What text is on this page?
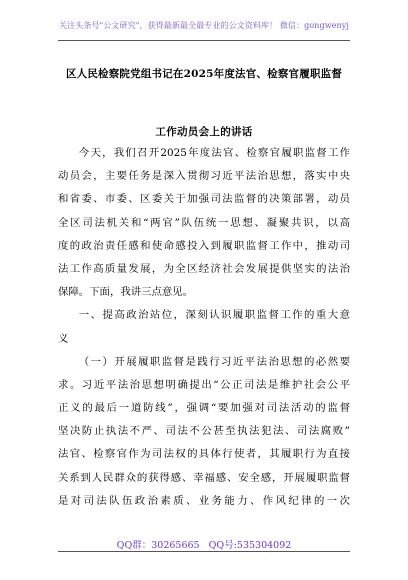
关注头条号"公文研究"，获得最新最全最专业的公文资料库！ 微信：gongwenyj
区人民检察院党组书记在2025年度法官、检察官履职监督
工作动员会上的讲话
今天，我们召开2025年度法官、检察官履职监督工作
动员会，主要任务是深入贯彻习近平法治思想，落实中央
和省委、市委、区委关于加强司法监督的决策部署，动员
全区司法机关和“两官”队伍统一思想、凝聚共识，以高
度的政治责任感和使命感投入到履职监督工作中，推动司
法工作高质量发展，为全区经济社会发展提供坚实的法治
保障。下面，我讲三点意见。
一、提高政治站位，深刻认识履职监督工作的重大意
义
（一）开展履职监督是践行习近平法治思想的必然要
求。习近平法治思想明确提出“公正司法是维护社会公平
正义的最后一道防线”，强调“要加强对司法活动的监督
坚决防止执法不严、司法不公甚至执法犯法、司法腐败”
法官、检察官作为司法权的具体行使者，其履职行为直接
关系到人民群众的获得感、幸福感、安全感，开展履职监督
是对司法队伍政治素质、业务能力、作风纪律的一次
QQ群：30265665 QQ号:535304092
